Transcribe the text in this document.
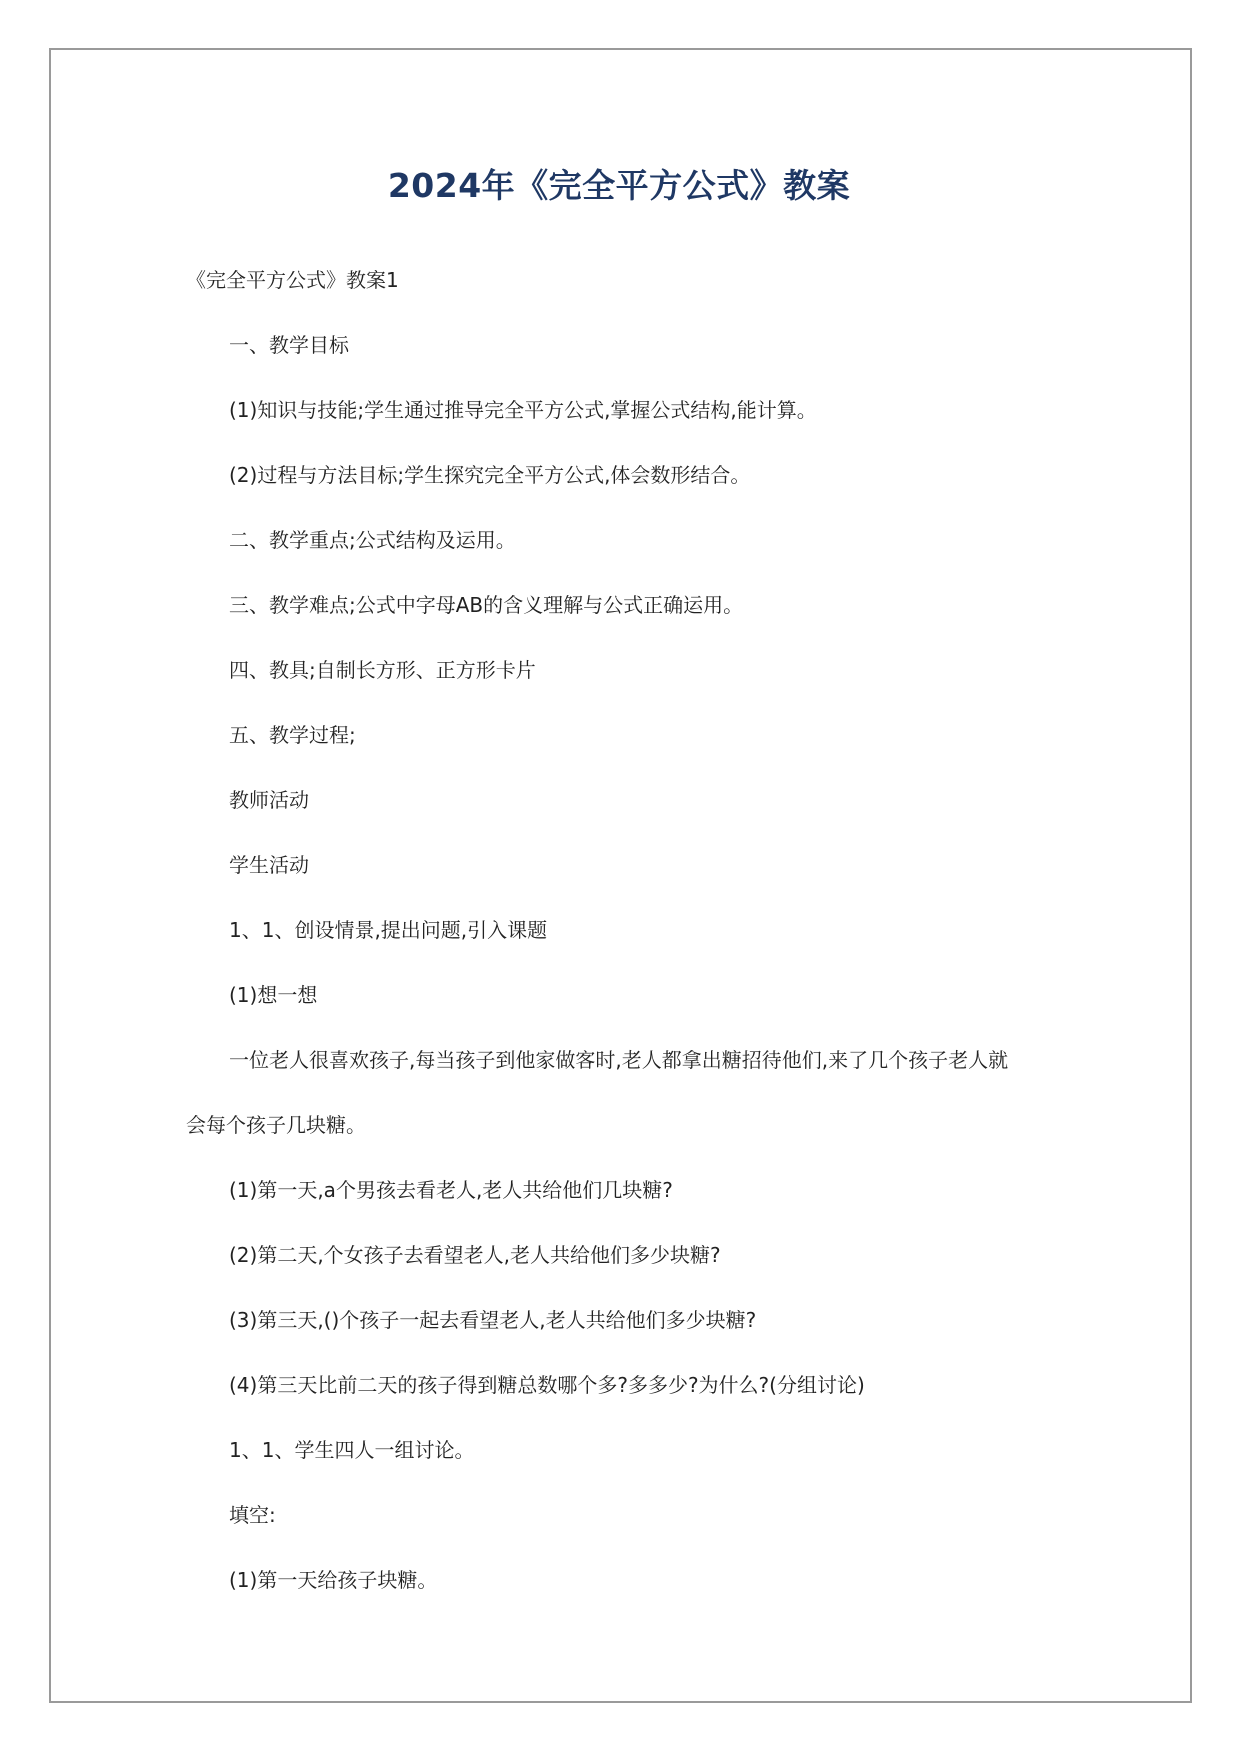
2024年《完全平方公式》教案
《完全平方公式》教案1
一、教学目标
(1)知识与技能;学生通过推导完全平方公式,掌握公式结构,能计算。
(2)过程与方法目标;学生探究完全平方公式,体会数形结合。
二、教学重点;公式结构及运用。
三、教学难点;公式中字母AB的含义理解与公式正确运用。
四、教具;自制长方形、正方形卡片
五、教学过程;
教师活动
学生活动
1、1、创设情景,提出问题,引入课题
(1)想一想
一位老人很喜欢孩子,每当孩子到他家做客时,老人都拿出糖招待他们,来了几个孩子老人就
会每个孩子几块糖。
(1)第一天,a个男孩去看老人,老人共给他们几块糖?
(2)第二天,个女孩子去看望老人,老人共给他们多少块糖?
(3)第三天,()个孩子一起去看望老人,老人共给他们多少块糖?
(4)第三天比前二天的孩子得到糖总数哪个多?多多少?为什么?(分组讨论)
1、1、学生四人一组讨论。
填空:
(1)第一天给孩子块糖。
